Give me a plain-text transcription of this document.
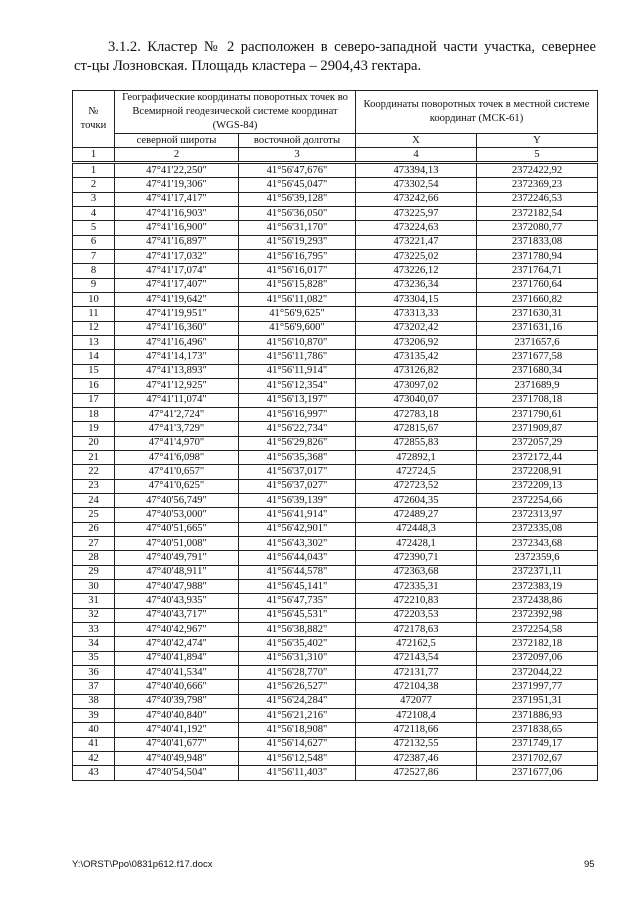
3.1.2. Кластер № 2 расположен в северо-западной части участка, севернее
ст-цы Лозновская. Площадь кластера – 2904,43 гектара.
№ точки	Географические координаты поворотных точек во Всемирной геодезической системе координат (WGS-84)		Координаты поворотных точек в местной системе координат (МСК-61)	
	северной широты	восточной долготы	X	Y
1	2	3	4	5
1	47°41'22,250"	41°56'47,676"	473394,13	2372422,92
2	47°41'19,306"	41°56'45,047"	473302,54	2372369,23
3	47°41'17,417"	41°56'39,128"	473242,66	2372246,53
4	47°41'16,903"	41°56'36,050"	473225,97	2372182,54
5	47°41'16,900"	41°56'31,170"	473224,63	2372080,77
6	47°41'16,897"	41°56'19,293"	473221,47	2371833,08
7	47°41'17,032"	41°56'16,795"	473225,02	2371780,94
8	47°41'17,074"	41°56'16,017"	473226,12	2371764,71
9	47°41'17,407"	41°56'15,828"	473236,34	2371760,64
10	47°41'19,642"	41°56'11,082"	473304,15	2371660,82
11	47°41'19,951"	41°56'9,625"	473313,33	2371630,31
12	47°41'16,360"	41°56'9,600"	473202,42	2371631,16
13	47°41'16,496"	41°56'10,870"	473206,92	2371657,6
14	47°41'14,173"	41°56'11,786"	473135,42	2371677,58
15	47°41'13,893"	41°56'11,914"	473126,82	2371680,34
16	47°41'12,925"	41°56'12,354"	473097,02	2371689,9
17	47°41'11,074"	41°56'13,197"	473040,07	2371708,18
18	47°41'2,724"	41°56'16,997"	472783,18	2371790,61
19	47°41'3,729"	41°56'22,734"	472815,67	2371909,87
20	47°41'4,970"	41°56'29,826"	472855,83	2372057,29
21	47°41'6,098"	41°56'35,368"	472892,1	2372172,44
22	47°41'0,657"	41°56'37,017"	472724,5	2372208,91
23	47°41'0,625"	41°56'37,027"	472723,52	2372209,13
24	47°40'56,749"	41°56'39,139"	472604,35	2372254,66
25	47°40'53,000"	41°56'41,914"	472489,27	2372313,97
26	47°40'51,665"	41°56'42,901"	472448,3	2372335,08
27	47°40'51,008"	41°56'43,302"	472428,1	2372343,68
28	47°40'49,791"	41°56'44,043"	472390,71	2372359,6
29	47°40'48,911"	41°56'44,578"	472363,68	2372371,11
30	47°40'47,988"	41°56'45,141"	472335,31	2372383,19
31	47°40'43,935"	41°56'47,735"	472210,83	2372438,86
32	47°40'43,717"	41°56'45,531"	472203,53	2372392,98
33	47°40'42,967"	41°56'38,882"	472178,63	2372254,58
34	47°40'42,474"	41°56'35,402"	472162,5	2372182,18
35	47°40'41,894"	41°56'31,310"	472143,54	2372097,06
36	47°40'41,534"	41°56'28,770"	472131,77	2372044,22
37	47°40'40,666"	41°56'26,527"	472104,38	2371997,77
38	47°40'39,798"	41°56'24,284"	472077	2371951,31
39	47°40'40,840"	41°56'21,216"	472108,4	2371886,93
40	47°40'41,192"	41°56'18,908"	472118,66	2371838,65
41	47°40'41,677"	41°56'14,627"	472132,55	2371749,17
42	47°40'49,948"	41°56'12,548"	472387,46	2371702,67
43	47°40'54,504"	41°56'11,403"	472527,86	2371677,06
Y:\ORST\Ppo\0831p612.f17.docx	95
